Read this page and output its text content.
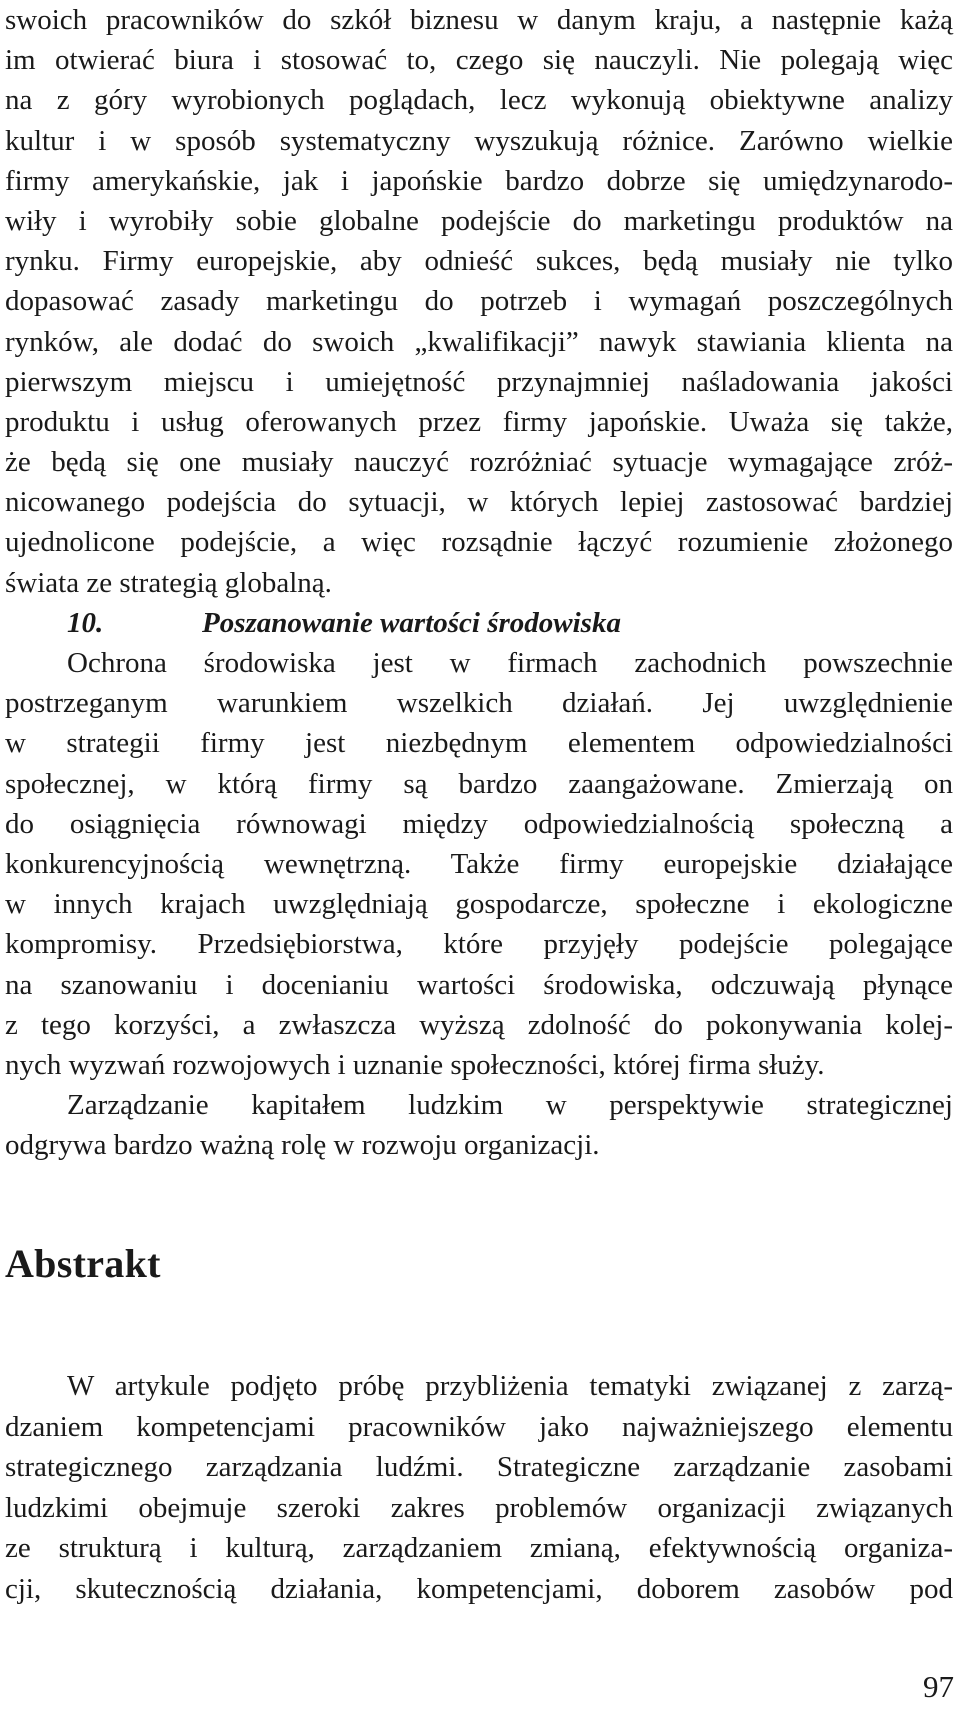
swoich pracowników do szkół biznesu w danym kraju, a następnie każą
im otwierać biura i stosować to, czego się nauczyli. Nie polegają więc
na z góry wyrobionych poglądach, lecz wykonują obiektywne analizy
kultur i w sposób systematyczny wyszukują różnice. Zarówno wielkie
firmy amerykańskie, jak i japońskie bardzo dobrze się umiędzynarodo-
wiły i wyrobiły sobie globalne podejście do marketingu produktów na
rynku. Firmy europejskie, aby odnieść sukces, będą musiały nie tylko
dopasować zasady marketingu do potrzeb i wymagań poszczególnych
rynków, ale dodać do swoich „kwalifikacji” nawyk stawiania klienta na
pierwszym miejscu i umiejętność przynajmniej naśladowania jakości
produktu i usług oferowanych przez firmy japońskie. Uważa się także,
że będą się one musiały nauczyć rozróżniać sytuacje wymagające zróż-
nicowanego podejścia do sytuacji, w których lepiej zastosować bardziej
ujednolicone podejście, a więc rozsądnie łączyć rozumienie złożonego
świata ze strategią globalną.
10.	Poszanowanie wartości środowiska
Ochrona środowiska jest w firmach zachodnich powszechnie
postrzeganym warunkiem wszelkich działań. Jej uwzględnienie
w strategii firmy jest niezbędnym elementem odpowiedzialności
społecznej, w którą firmy są bardzo zaangażowane. Zmierzają on
do osiągnięcia równowagi między odpowiedzialnością społeczną a
konkurencyjnością wewnętrzną. Także firmy europejskie działające
w innych krajach uwzględniają gospodarcze, społeczne i ekologiczne
kompromisy. Przedsiębiorstwa, które przyjęły podejście polegające
na szanowaniu i docenianiu wartości środowiska, odczuwają płynące
z tego korzyści, a zwłaszcza wyższą zdolność do pokonywania kolej-
nych wyzwań rozwojowych i uznanie społeczności, której firma służy.
Zarządzanie kapitałem ludzkim w perspektywie strategicznej
odgrywa bardzo ważną rolę w rozwoju organizacji.
Abstrakt
W artykule podjęto próbę przybliżenia tematyki związanej z zarzą-
dzaniem kompetencjami pracowników jako najważniejszego elementu
strategicznego zarządzania ludźmi. Strategiczne zarządzanie zasobami
ludzkimi obejmuje szeroki zakres problemów organizacji związanych
ze strukturą i kulturą, zarządzaniem zmianą, efektywnością organiza-
cji, skutecznością działania, kompetencjami, doborem zasobów pod
97
